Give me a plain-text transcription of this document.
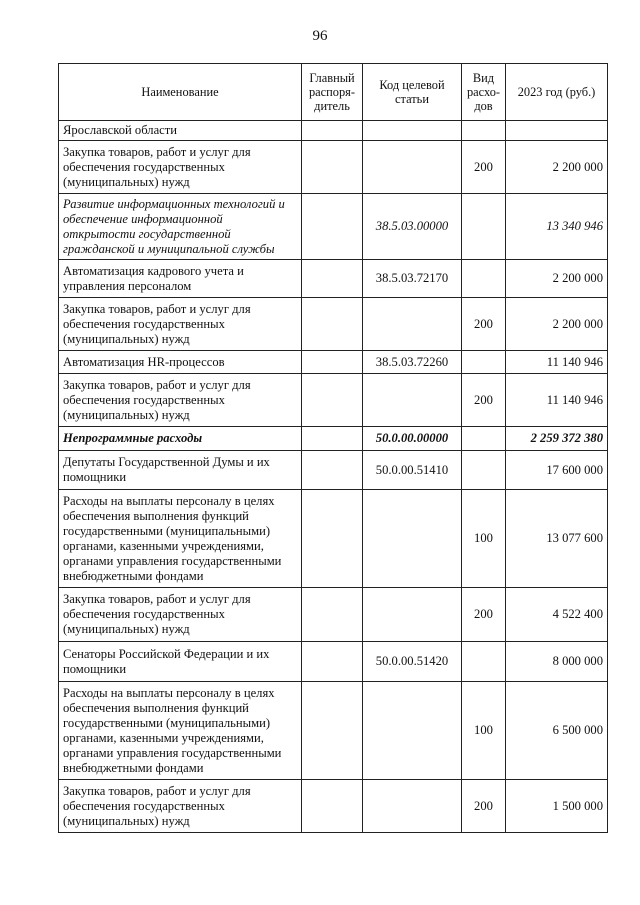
96
Наименование	Главный распоря-дитель	Код целевой статьи	Вид расхо-дов	2023 год (руб.)
Ярославской области				
Закупка товаров, работ и услуг для обеспечения государственных (муниципальных) нужд			200	2 200 000
Развитие информационных технологий и обеспечение информационной открытости государственной гражданской и муниципальной службы		38.5.03.00000		13 340 946
Автоматизация кадрового учета и управления персоналом		38.5.03.72170		2 200 000
Закупка товаров, работ и услуг для обеспечения государственных (муниципальных) нужд			200	2 200 000
Автоматизация HR-процессов		38.5.03.72260		11 140 946
Закупка товаров, работ и услуг для обеспечения государственных (муниципальных) нужд			200	11 140 946
Непрограммные расходы		50.0.00.00000		2 259 372 380
Депутаты Государственной Думы и их помощники		50.0.00.51410		17 600 000
Расходы на выплаты персоналу в целях обеспечения выполнения функций государственными (муниципальными) органами, казенными учреждениями, органами управления государственными внебюджетными фондами			100	13 077 600
Закупка товаров, работ и услуг для обеспечения государственных (муниципальных) нужд			200	4 522 400
Сенаторы Российской Федерации и их помощники		50.0.00.51420		8 000 000
Расходы на выплаты персоналу в целях обеспечения выполнения функций государственными (муниципальными) органами, казенными учреждениями, органами управления государственными внебюджетными фондами			100	6 500 000
Закупка товаров, работ и услуг для обеспечения государственных (муниципальных) нужд			200	1 500 000
